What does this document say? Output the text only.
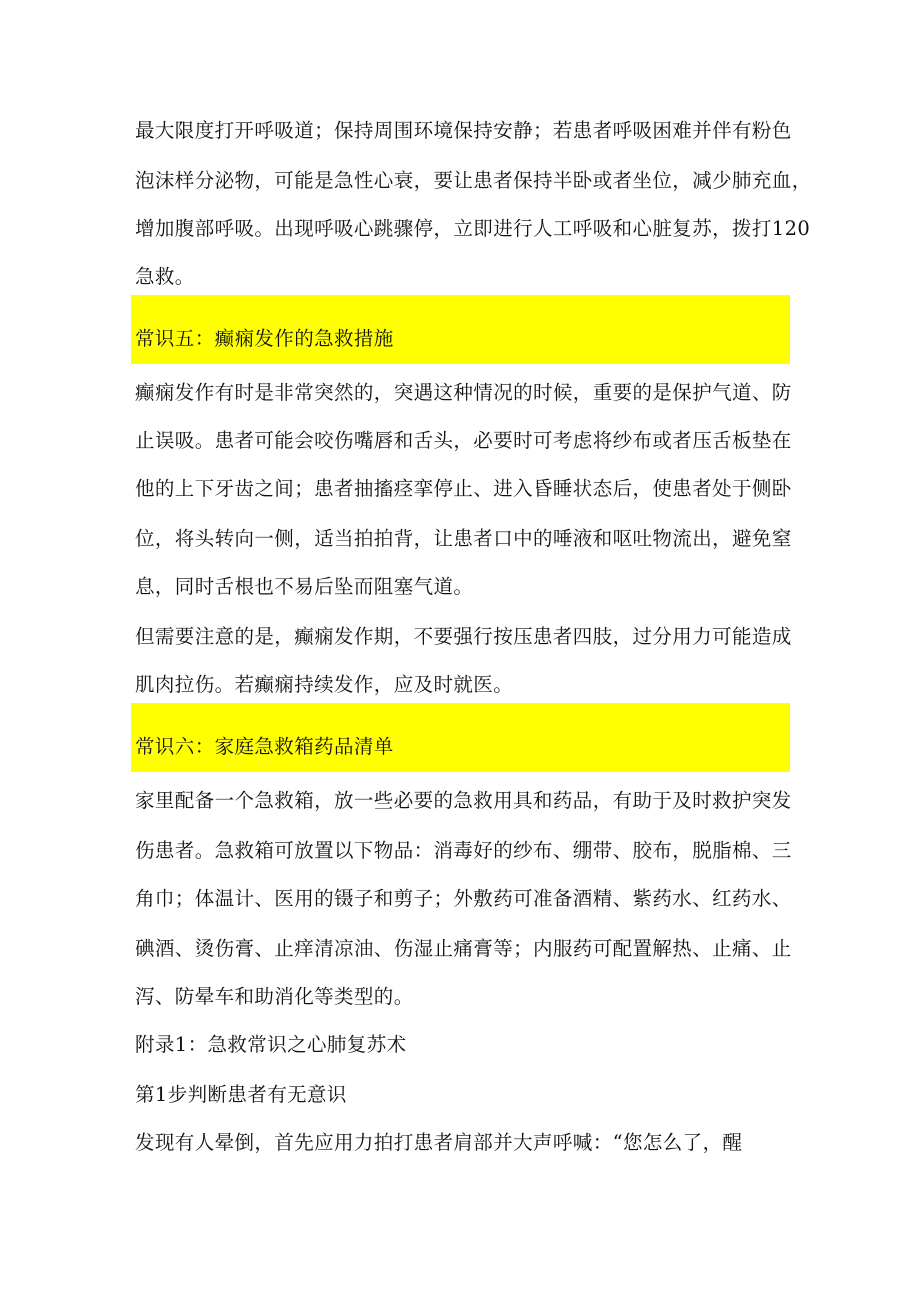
最大限度打开呼吸道；保持周围环境保持安静；若患者呼吸困难并伴有粉色
泡沫样分泌物，可能是急性心衰，要让患者保持半卧或者坐位，减少肺充血，
增加腹部呼吸。出现呼吸心跳骤停，立即进行人工呼吸和心脏复苏，拨打120
急救。
常识五：癫痫发作的急救措施
癫痫发作有时是非常突然的，突遇这种情况的时候，重要的是保护气道、防
止误吸。患者可能会咬伤嘴唇和舌头，必要时可考虑将纱布或者压舌板垫在
他的上下牙齿之间；患者抽搐痉挛停止、进入昏睡状态后，使患者处于侧卧
位，将头转向一侧，适当拍拍背，让患者口中的唾液和呕吐物流出，避免窒
息，同时舌根也不易后坠而阻塞气道。
但需要注意的是，癫痫发作期，不要强行按压患者四肢，过分用力可能造成
肌肉拉伤。若癫痫持续发作，应及时就医。
常识六：家庭急救箱药品清单
家里配备一个急救箱，放一些必要的急救用具和药品，有助于及时救护突发
伤患者。急救箱可放置以下物品：消毒好的纱布、绷带、胶布，脱脂棉、三
角巾；体温计、医用的镊子和剪子；外敷药可准备酒精、紫药水、红药水、
碘酒、烫伤膏、止痒清凉油、伤湿止痛膏等；内服药可配置解热、止痛、止
泻、防晕车和助消化等类型的。
附录1：急救常识之心肺复苏术
第1步判断患者有无意识
发现有人晕倒，首先应用力拍打患者肩部并大声呼喊：“您怎么了，醒
